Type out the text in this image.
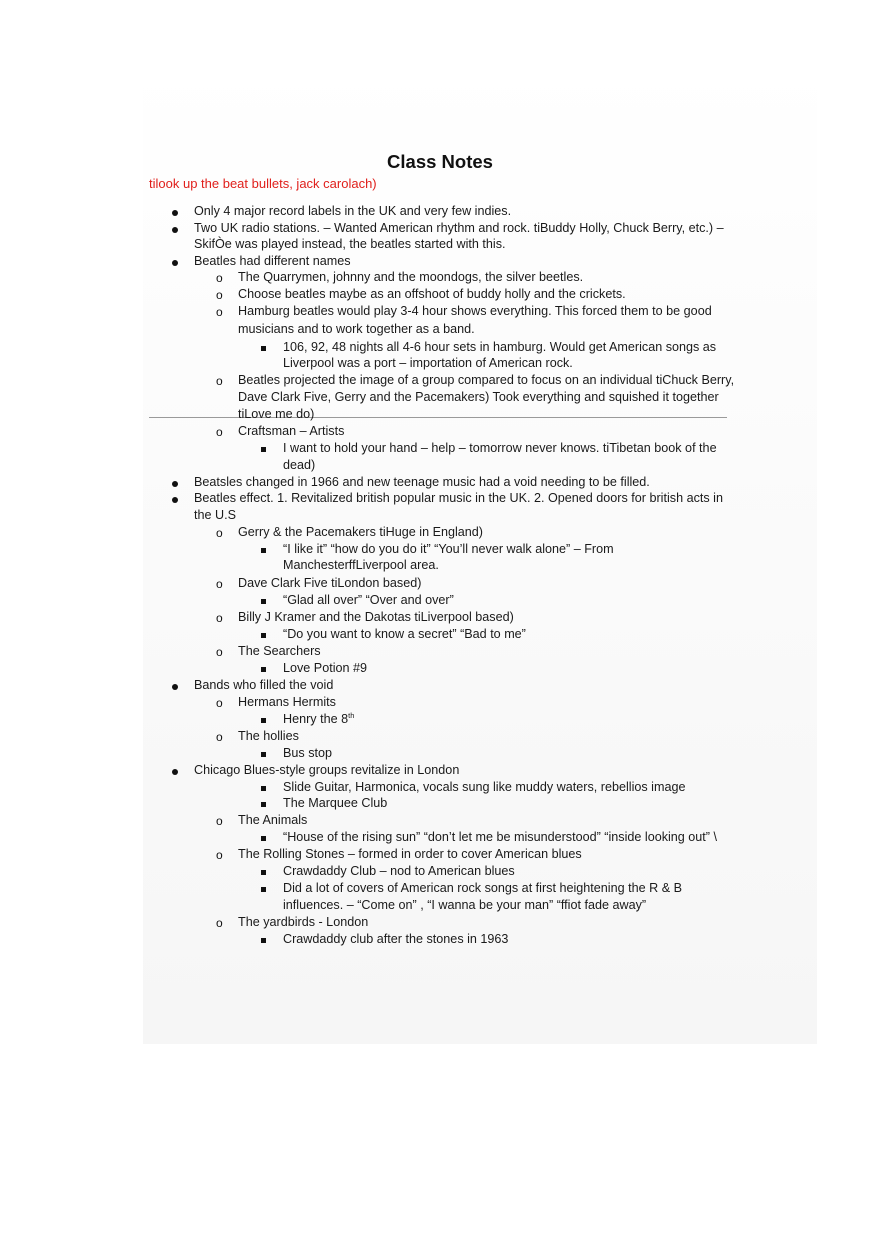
Class Notes
tilook up the beat bullets, jack carolach)
o
o
o
o
o
o
o
o
o
o
o
o
o
o
Only 4 major record labels in the UK and very few indies.
Two UK radio stations. – Wanted American rhythm and rock. tiBuddy Holly, Chuck Berry, etc.) –
SkifÒe was played instead, the beatles started with this.
Beatles had different names
The Quarrymen, johnny and the moondogs, the silver beetles.
Choose beatles maybe as an offshoot of buddy holly and the crickets.
Hamburg beatles would play 3-4 hour shows everything. This forced them to be good
musicians and to work together as a band.
106, 92, 48 nights all 4-6 hour sets in hamburg. Would get American songs as
Liverpool was a port – importation of American rock.
Beatles projected the image of a group compared to focus on an individual tiChuck Berry,
Dave Clark Five, Gerry and the Pacemakers) Took everything and squished it together
tiLove me do)
Craftsman – Artists
I want to hold your hand – help – tomorrow never knows. tiTibetan book of the
dead)
Beatsles changed in 1966 and new teenage music had a void needing to be filled.
Beatles effect. 1. Revitalized british popular music in the UK. 2. Opened doors for british acts in
the U.S
Gerry & the Pacemakers tiHuge in England)
“I like it” “how do you do it” “You’ll never walk alone” – From
ManchesterffLiverpool area.
Dave Clark Five tiLondon based)
“Glad all over” “Over and over”
Billy J Kramer and the Dakotas tiLiverpool based)
“Do you want to know a secret” “Bad to me”
The Searchers
Love Potion #9
Bands who filled the void
Hermans Hermits
Henry the 8th
The hollies
Bus stop
Chicago Blues-style groups revitalize in London
Slide Guitar, Harmonica, vocals sung like muddy waters, rebellios image
The Marquee Club
The Animals
“House of the rising sun” “don’t let me be misunderstood” “inside looking out” \
The Rolling Stones – formed in order to cover American blues
Crawdaddy Club – nod to American blues
Did a lot of covers of American rock songs at first heightening the R & B
influences. – “Come on” , “I wanna be your man” “ffiot fade away”
The yardbirds - London
Crawdaddy club after the stones in 1963
